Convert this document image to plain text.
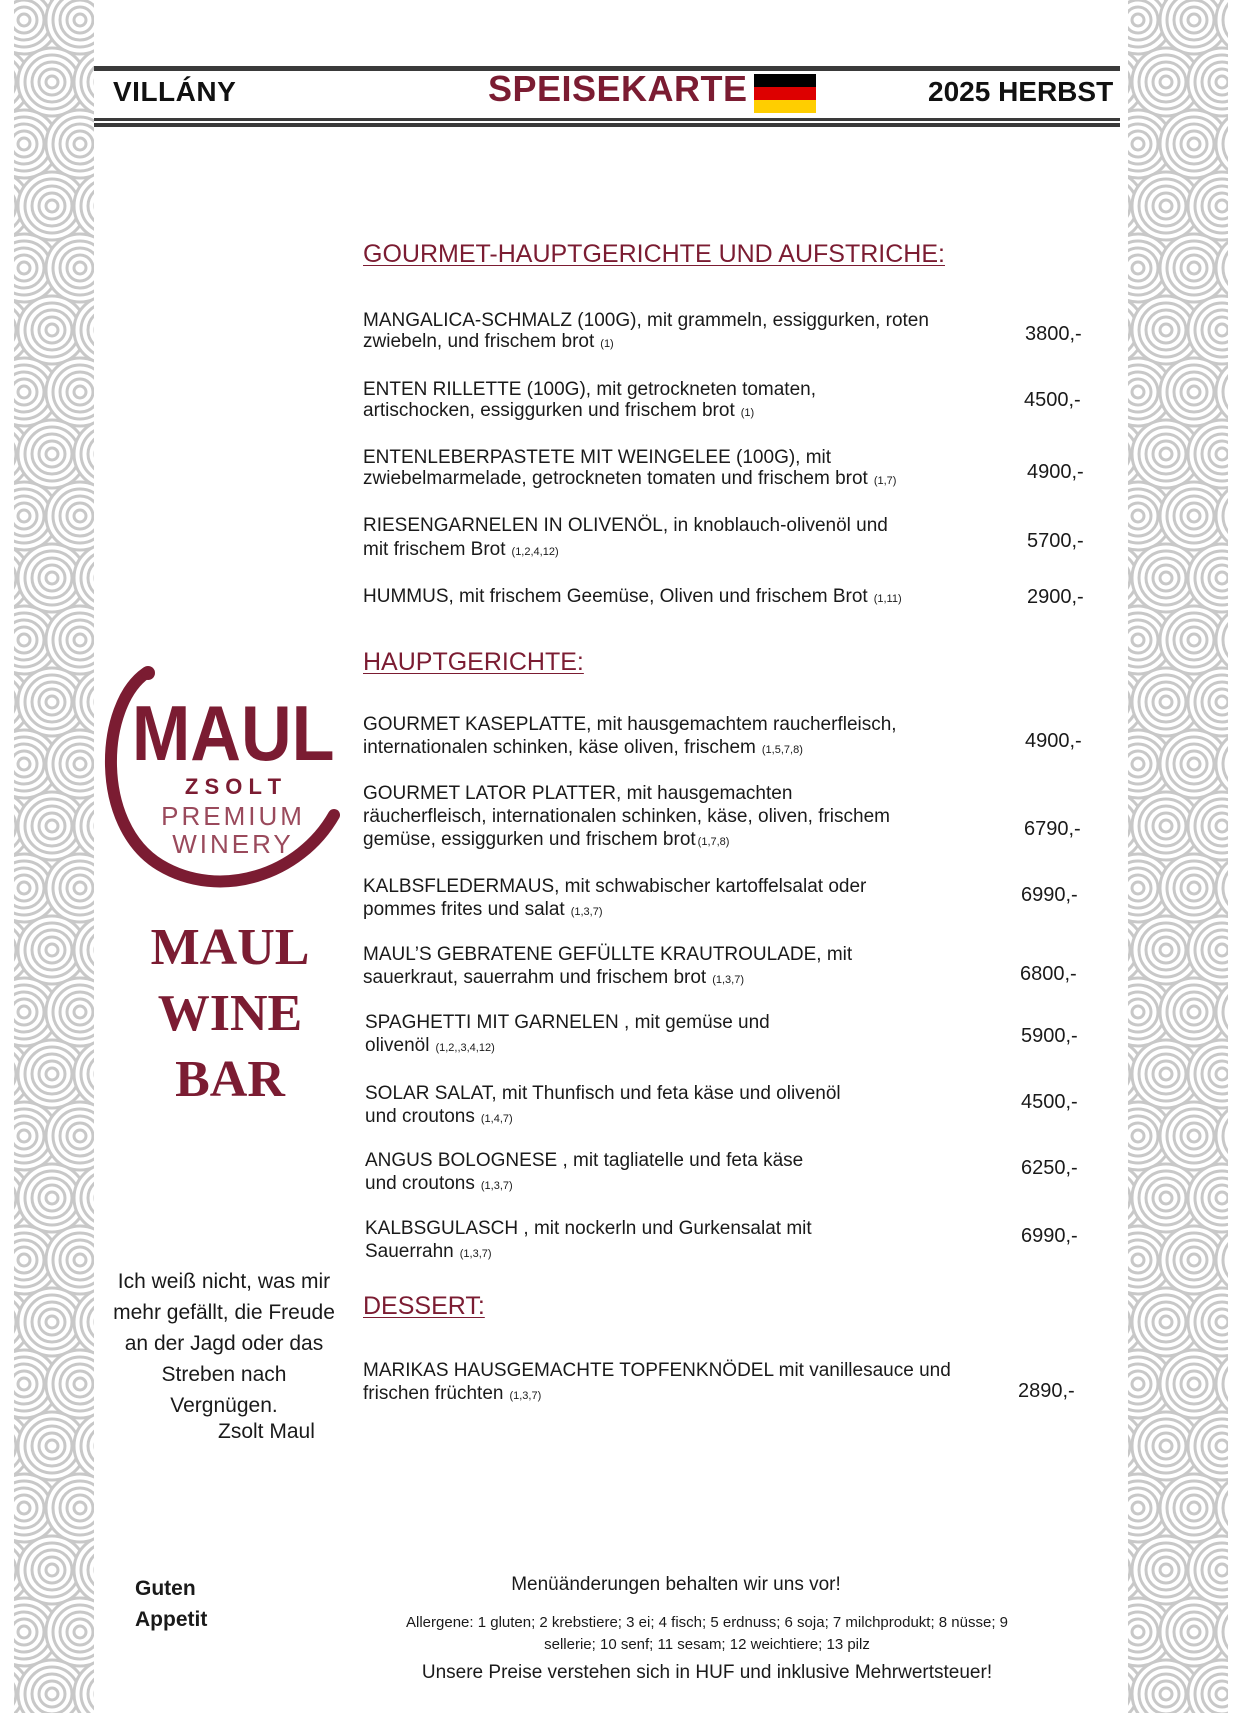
VILLÁNY	SPEISEKARTE	2025 HERBST
GOURMET-HAUPTGERICHTE UND AUFSTRICHE:
MANGALICA-SCHMALZ (100G), mit grammeln, essiggurken, roten
zwiebeln, und frischem brot (1)	3800,-
ENTEN RILLETTE (100G), mit getrockneten tomaten,
artischocken, essiggurken und frischem brot (1)
4500,-
ENTENLEBERPASTETE MIT WEINGELEE (100G), mit
zwiebelmarmelade, getrockneten tomaten und frischem brot (1,7)	4900,-
RIESENGARNELEN IN OLIVENÖL, in knoblauch-olivenöl und
mit frischem Brot (1,2,4,12)	5700,-
HUMMUS, mit frischem Geemüse, Oliven und frischem Brot (1,11)	2900,-
HAUPTGERICHTE:
GOURMET KASEPLATTE, mit hausgemachtem raucherfleisch,
internationalen schinken, käse oliven, frischem (1,5,7,8)	4900,-
GOURMET LATOR PLATTER, mit hausgemachten
räucherfleisch, internationalen schinken, käse, oliven, frischem
gemüse, essiggurken und frischem brot (1,7,8)
6790,-
KALBSFLEDERMAUS, mit schwabischer kartoffelsalat oder
pommes frites und salat (1,3,7)
6990,-
MAUL’S GEBRATENE GEFÜLLTE KRAUTROULADE, mit
sauerkraut, sauerrahm und frischem brot (1,3,7)	6800,-
SPAGHETTI MIT GARNELEN , mit gemüse und
olivenöl (1,2,,3,4,12)
5900,-
SOLAR SALAT, mit Thunfisch und feta käse und olivenöl
und croutons (1,4,7)
4500,-
ANGUS BOLOGNESE , mit tagliatelle und feta käse
und croutons (1,3,7)
6250,-
KALBSGULASCH , mit nockerln und Gurkensalat mit
Sauerrahn (1,3,7)
6990,-
DESSERT:
MARIKAS HAUSGEMACHTE TOPFENKNÖDEL mit vanillesauce und
frischen früchten (1,3,7)	2890,-
MAUL
Z S O L T
PREMIUM
WINERY
MAUL
WINE
BAR
Ich weiß nicht, was mir
mehr gefällt, die Freude
an der Jagd oder das
Streben nach
Vergnügen.
Zsolt Maul
Guten
Appetit
Menüänderungen behalten wir uns vor!
Allergene: 1 gluten; 2 krebstiere; 3 ei; 4 fisch; 5 erdnuss; 6 soja; 7 milchprodukt; 8 nüsse; 9
sellerie; 10 senf; 11 sesam; 12 weichtiere; 13 pilz
Unsere Preise verstehen sich in HUF und inklusive Mehrwertsteuer!
